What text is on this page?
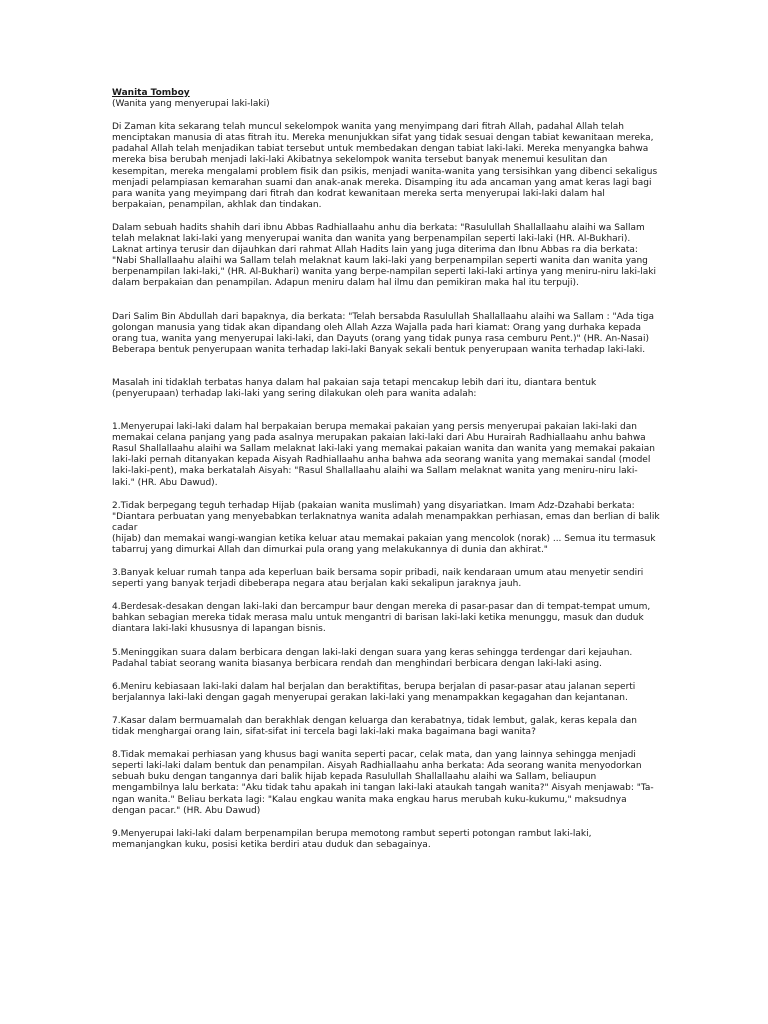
Wanita Tomboy

(Wanita yang menyerupai laki-laki)

Di Zaman kita sekarang telah muncul sekelompok wanita yang menyimpang dari fitrah Allah, padahal Allah telah menciptakan manusia di atas fitrah itu. Mereka menunjukkan sifat yang tidak sesuai dengan tabiat kewanitaan mereka, padahal Allah telah menjadikan tabiat tersebut untuk membedakan dengan tabiat laki-laki. Mereka menyangka bahwa mereka bisa berubah menjadi laki-laki Akibatnya sekelompok wanita tersebut banyak menemui kesulitan dan kesempitan, mereka mengalami problem fisik dan psikis, menjadi wanita-wanita yang tersisihkan yang dibenci sekaligus menjadi pelampiasan kemarahan suami dan anak-anak mereka. Disamping itu ada ancaman yang amat keras lagi bagi para wanita yang meyimpang dari fitrah dan kodrat kewanitaan mereka serta menyerupai laki-laki dalam hal berpakaian, penampilan, akhlak dan tindakan.

Dalam sebuah hadits shahih dari ibnu Abbas Radhiallaahu anhu dia berkata: "Rasulullah Shallallaahu alaihi wa Sallam telah melaknat laki-laki yang menyerupai wanita dan wanita yang berpenampilan seperti laki-laki (HR. Al-Bukhari). Laknat artinya terusir dan dijauhkan dari rahmat Allah Hadits lain yang juga diterima dan Ibnu Abbas ra dia berkata: "Nabi Shallallaahu alaihi wa Sallam telah melaknat kaum laki-laki yang berpenampilan seperti wanita dan wanita yang berpenampilan laki-laki," (HR. Al-Bukhari) wanita yang berpe-nampilan seperti laki-laki artinya yang meniru-niru laki-laki dalam berpakaian dan penampilan. Adapun meniru dalam hal ilmu dan pemikiran maka hal itu terpuji).

Dari Salim Bin Abdullah dari bapaknya, dia berkata: "Telah bersabda Rasulullah Shallallaahu alaihi wa Sallam : "Ada tiga golongan manusia yang tidak akan dipandang oleh Allah Azza Wajalla pada hari kiamat: Orang yang durhaka kepada orang tua, wanita yang menyerupai laki-laki, dan Dayuts (orang yang tidak punya rasa cemburu Pent.)" (HR. An-Nasai) Beberapa bentuk penyerupaan wanita terhadap laki-laki Banyak sekali bentuk penyerupaan wanita terhadap laki-laki.

Masalah ini tidaklah terbatas hanya dalam hal pakaian saja tetapi mencakup lebih dari itu, diantara bentuk (penyerupaan) terhadap laki-laki yang sering dilakukan oleh para wanita adalah:

1.Menyerupai laki-laki dalam hal berpakaian berupa memakai pakaian yang persis menyerupai pakaian laki-laki dan memakai celana panjang yang pada asalnya merupakan pakaian laki-laki dari Abu Hurairah Radhiallaahu anhu bahwa Rasul Shallallaahu alaihi wa Sallam melaknat laki-laki yang memakai pakaian wanita dan wanita yang memakai pakaian laki-laki pernah ditanyakan kepada Aisyah Radhiallaahu anha bahwa ada seorang wanita yang memakai sandal (model laki-laki-pent), maka berkatalah Aisyah: "Rasul Shallallaahu alaihi wa Sallam melaknat wanita yang meniru-niru laki-laki." (HR. Abu Dawud).

2.Tidak berpegang teguh terhadap Hijab (pakaian wanita muslimah) yang disyariatkan. Imam Adz-Dzahabi berkata: "Diantara perbuatan yang menyebabkan terlaknatnya wanita adalah menampakkan perhiasan, emas dan berlian di balik cadar
(hijab) dan memakai wangi-wangian ketika keluar atau memakai pakaian yang mencolok (norak) ... Semua itu termasuk tabarruj yang dimurkai Allah dan dimurkai pula orang yang melakukannya di dunia dan akhirat."

3.Banyak keluar rumah tanpa ada keperluan baik bersama sopir pribadi, naik kendaraan umum atau menyetir sendiri seperti yang banyak terjadi dibeberapa negara atau berjalan kaki sekalipun jaraknya jauh.

4.Berdesak-desakan dengan laki-laki dan bercampur baur dengan mereka di pasar-pasar dan di tempat-tempat umum, bahkan sebagian mereka tidak merasa malu untuk mengantri di barisan laki-laki ketika menunggu, masuk dan duduk diantara laki-laki khususnya di lapangan bisnis.

5.Meninggikan suara dalam berbicara dengan laki-laki dengan suara yang keras sehingga terdengar dari kejauhan. Padahal tabiat seorang wanita biasanya berbicara rendah dan menghindari berbicara dengan laki-laki asing.

6.Meniru kebiasaan laki-laki dalam hal berjalan dan beraktifitas, berupa berjalan di pasar-pasar atau jalanan seperti berjalannya laki-laki dengan gagah menyerupai gerakan laki-laki yang menampakkan kegagahan dan kejantanan.

7.Kasar dalam bermuamalah dan berakhlak dengan keluarga dan kerabatnya, tidak lembut, galak, keras kepala dan tidak menghargai orang lain, sifat-sifat ini tercela bagi laki-laki maka bagaimana bagi wanita?

8.Tidak memakai perhiasan yang khusus bagi wanita seperti pacar, celak mata, dan yang lainnya sehingga menjadi seperti laki-laki dalam bentuk dan penampilan. Aisyah Radhiallaahu anha berkata: Ada seorang wanita menyodorkan sebuah buku dengan tangannya dari balik hijab kepada Rasulullah Shallallaahu alaihi wa Sallam, beliaupun mengambilnya lalu berkata: "Aku tidak tahu apakah ini tangan laki-laki ataukah tangah wanita?" Aisyah menjawab: "Ta-ngan wanita." Beliau berkata lagi: "Kalau engkau wanita maka engkau harus merubah kuku-kukumu," maksudnya dengan pacar." (HR. Abu Dawud)

9.Menyerupai laki-laki dalam berpenampilan berupa memotong rambut seperti potongan rambut laki-laki, memanjangkan kuku, posisi ketika berdiri atau duduk dan sebagainya.
